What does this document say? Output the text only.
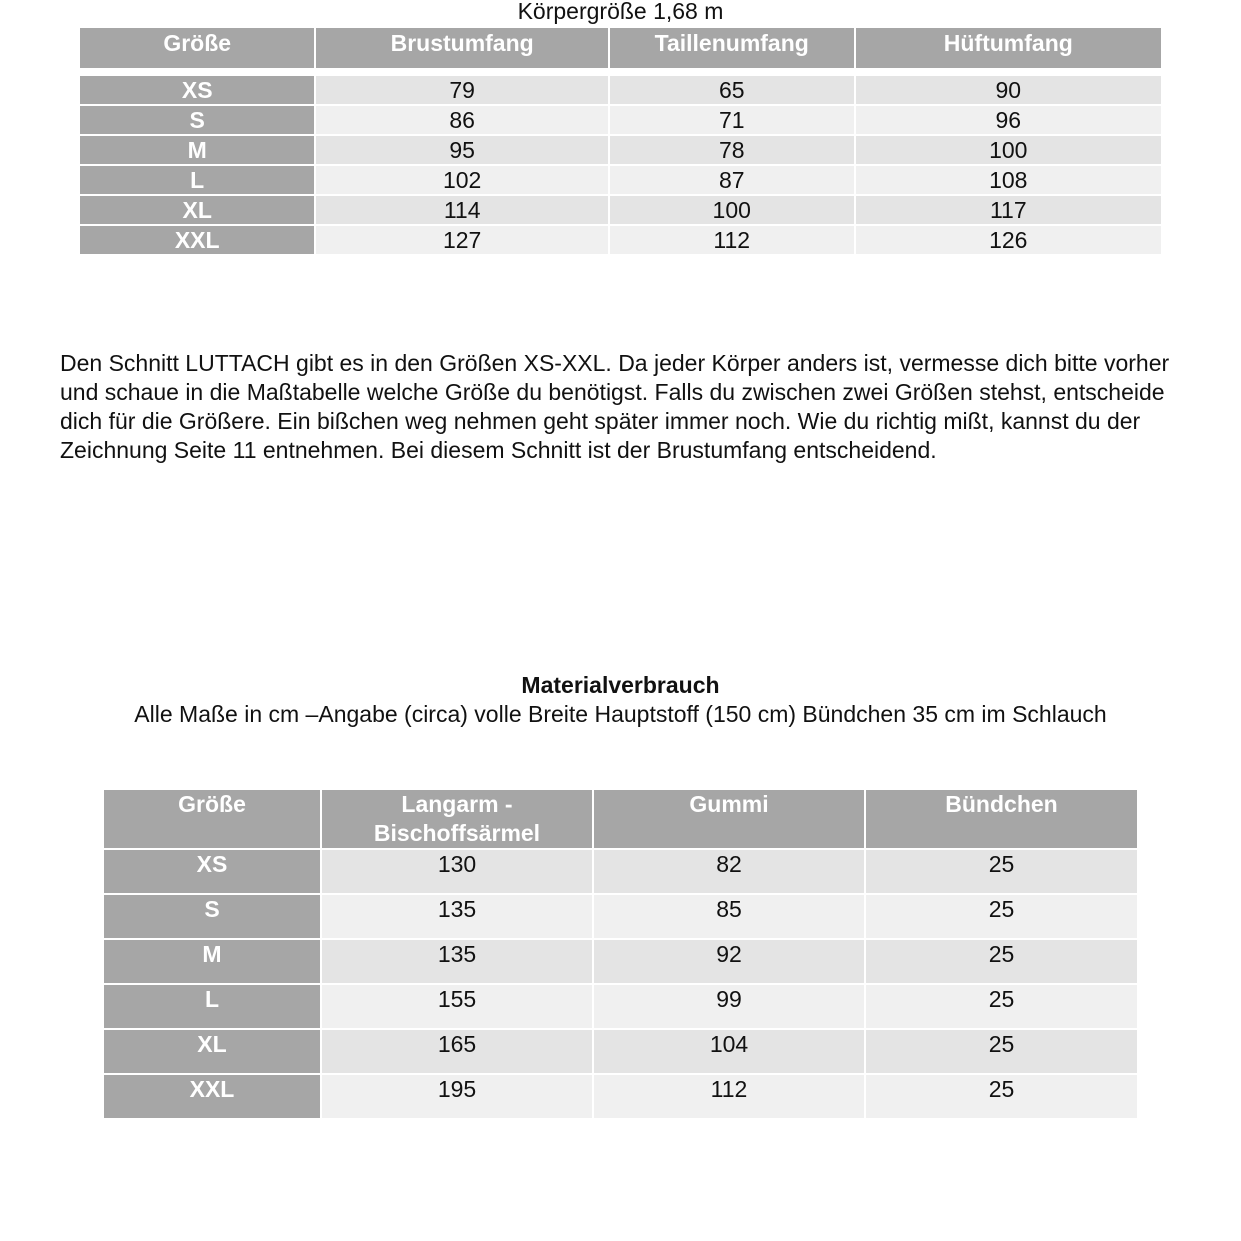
Körpergröße 1,68 m
Größe	Brustumfang	Taillenumfang	Hüftumfang

XS	79	65	90
S	86	71	96
M	95	78	100
L	102	87	108
XL	114	100	117
XXL	127	112	126
Den Schnitt LUTTACH gibt es in den Größen XS-XXL. Da jeder Körper anders ist, vermesse dich bitte vorher und schaue in die Maßtabelle welche Größe du benötigst. Falls du zwischen zwei Größen stehst, entscheide dich für die Größere. Ein bißchen weg nehmen geht später immer noch. Wie du richtig mißt, kannst du der Zeichnung Seite 11 entnehmen. Bei diesem Schnitt ist der Brustumfang entscheidend.
Materialverbrauch
Alle Maße in cm –Angabe (circa) volle Breite Hauptstoff (150 cm) Bündchen 35 cm im Schlauch
Größe	Langarm - Bischoffsärmel	Gummi	Bündchen
XS	130	82	25
S	135	85	25
M	135	92	25
L	155	99	25
XL	165	104	25
XXL	195	112	25
